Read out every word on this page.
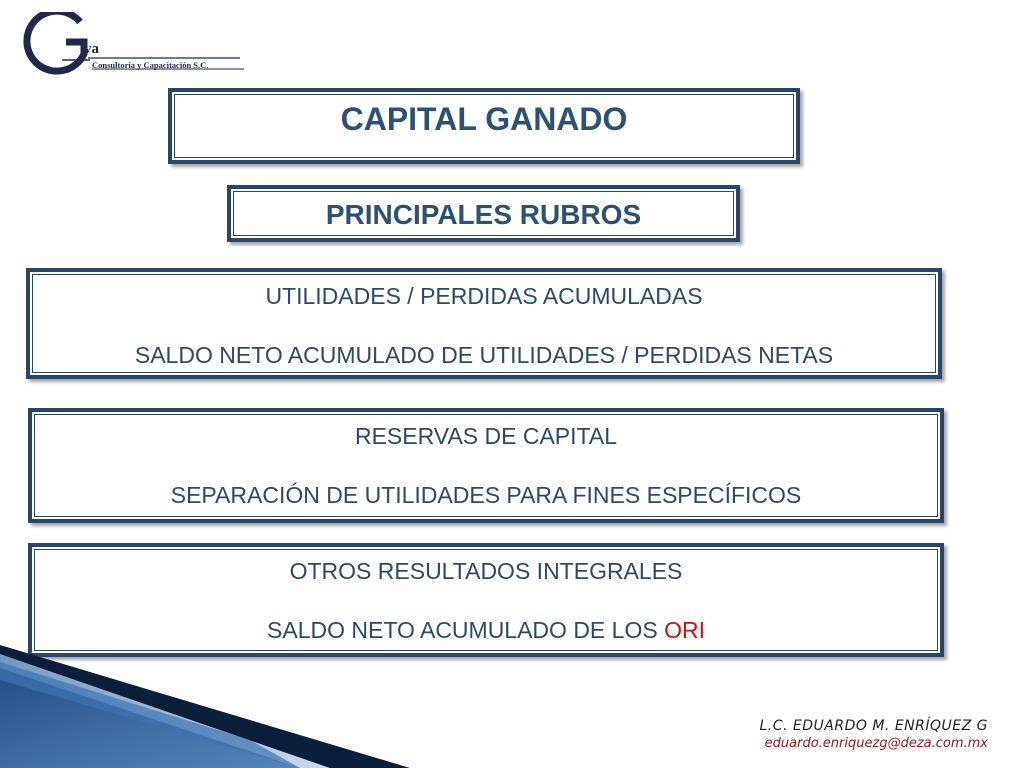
va
Consultoría y Capacitación S.C.
CAPITAL GANADO
PRINCIPALES RUBROS
UTILIDADES / PERDIDAS ACUMULADAS
SALDO NETO ACUMULADO DE UTILIDADES / PERDIDAS NETAS
RESERVAS DE CAPITAL
SEPARACIÓN DE UTILIDADES PARA FINES ESPECÍFICOS
OTROS RESULTADOS INTEGRALES
SALDO NETO ACUMULADO DE LOS ORI
L.C. EDUARDO M. ENRÍQUEZ G
eduardo.enriquezg@deza.com.mx
